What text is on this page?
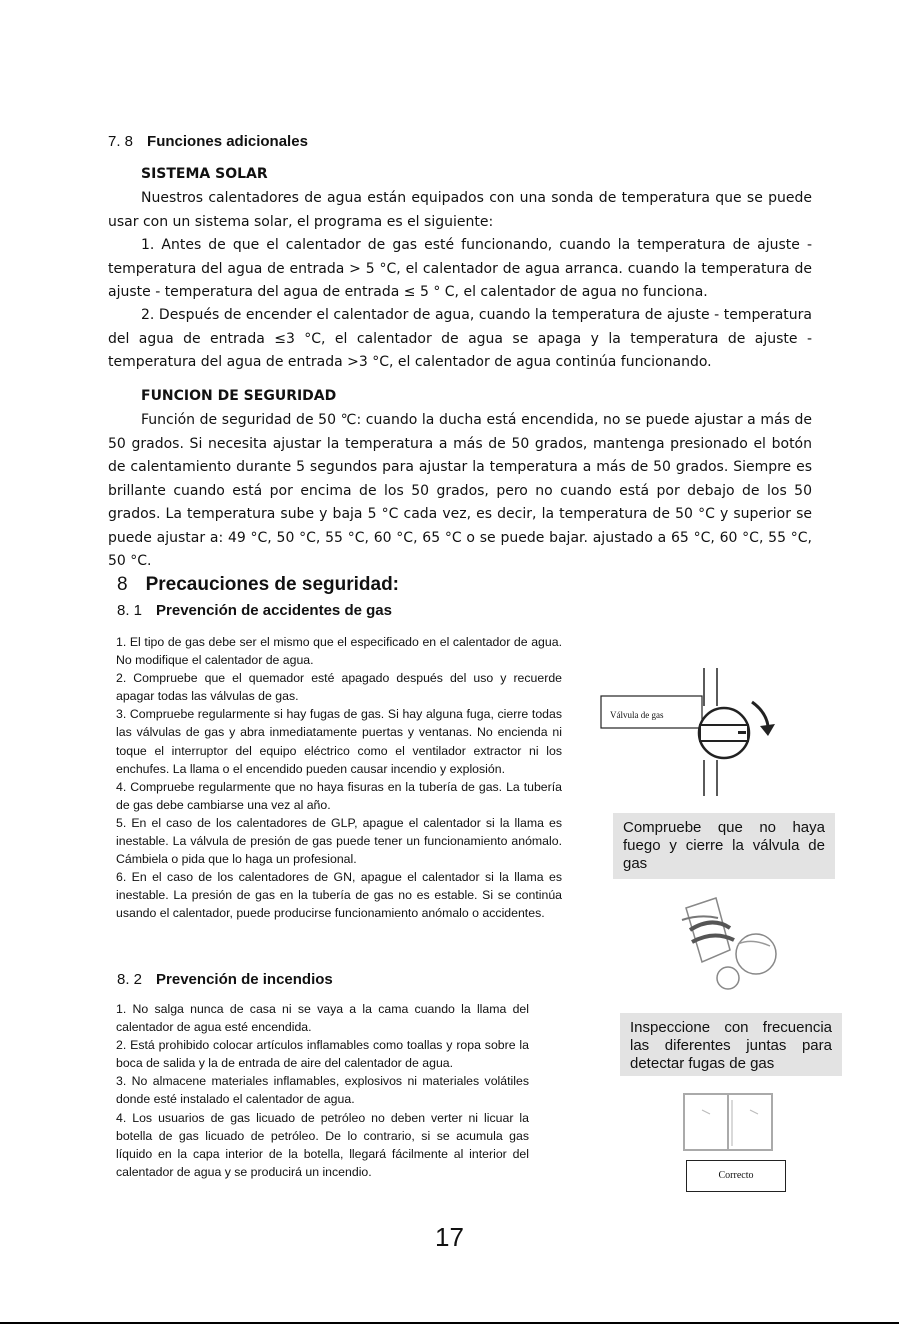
7. 8 Funciones adicionales
SISTEMA SOLAR
Nuestros calentadores de agua están equipados con una sonda de temperatura que se puede usar con un sistema solar, el programa es el siguiente:
1. Antes de que el calentador de gas esté funcionando, cuando la temperatura de ajuste - temperatura del agua de entrada > 5 °C, el calentador de agua arranca. cuando la temperatura de ajuste - temperatura del agua de entrada ≤ 5 ° C, el calentador de agua no funciona.
2. Después de encender el calentador de agua, cuando la temperatura de ajuste - temperatura del agua de entrada ≤3 °C, el calentador de agua se apaga y la temperatura de ajuste - temperatura del agua de entrada >3 °C, el calentador de agua continúa funcionando.
FUNCION DE SEGURIDAD
Función de seguridad de 50 ℃: cuando la ducha está encendida, no se puede ajustar a más de 50 grados. Si necesita ajustar la temperatura a más de 50 grados, mantenga presionado el botón de calentamiento durante 5 segundos para ajustar la temperatura a más de 50 grados. Siempre es brillante cuando está por encima de los 50 grados, pero no cuando está por debajo de los 50 grados. La temperatura sube y baja 5 °C cada vez, es decir, la temperatura de 50 °C y superior se puede ajustar a: 49 °C, 50 °C, 55 °C, 60 °C, 65 °C o se puede bajar. ajustado a 65 °C, 60 °C, 55 °C, 50 °C.
8 Precauciones de seguridad:
8. 1 Prevención de accidentes de gas

1. El tipo de gas debe ser el mismo que el especificado en el calentador de agua. No modifique el calentador de agua.

2. Compruebe que el quemador esté apagado después del uso y recuerde apagar todas las válvulas de gas.

3. Compruebe regularmente si hay fugas de gas. Si hay alguna fuga, cierre todas las válvulas de gas y abra inmediatamente puertas y ventanas. No encienda ni toque el interruptor del equipo eléctrico como el ventilador extractor ni los enchufes. La llama o el encendido pueden causar incendio y explosión.

4. Compruebe regularmente que no haya fisuras en la tubería de gas. La tubería de gas debe cambiarse una vez al año.

5. En el caso de los calentadores de GLP, apague el calentador si la llama es inestable. La válvula de presión de gas puede tener un funcionamiento anómalo. Cámbiela o pida que lo haga un profesional.

6. En el caso de los calentadores de GN, apague el calentador si la llama es inestable. La presión de gas en la tubería de gas no es estable. Si se continúa usando el calentador, puede producirse funcionamiento anómalo o accidentes.

8. 2 Prevención de incendios

1. No salga nunca de casa ni se vaya a la cama cuando la llama del calentador de agua esté encendida.

2. Está prohibido colocar artículos inflamables como toallas y ropa sobre la boca de salida y la de entrada de aire del calentador de agua.

3. No almacene materiales inflamables, explosivos ni materiales volátiles donde esté instalado el calentador de agua.

4. Los usuarios de gas licuado de petróleo no deben verter ni licuar la botella de gas licuado de petróleo. De lo contrario, si se acumula gas líquido en la capa interior de la botella, llegará fácilmente al interior del calentador de agua y se producirá un incendio.

Válvula de gas
Compruebe que no haya fuego y cierre la válvula de gas
Inspeccione con frecuencia las diferentes juntas para detectar fugas de gas
Correcto
17
